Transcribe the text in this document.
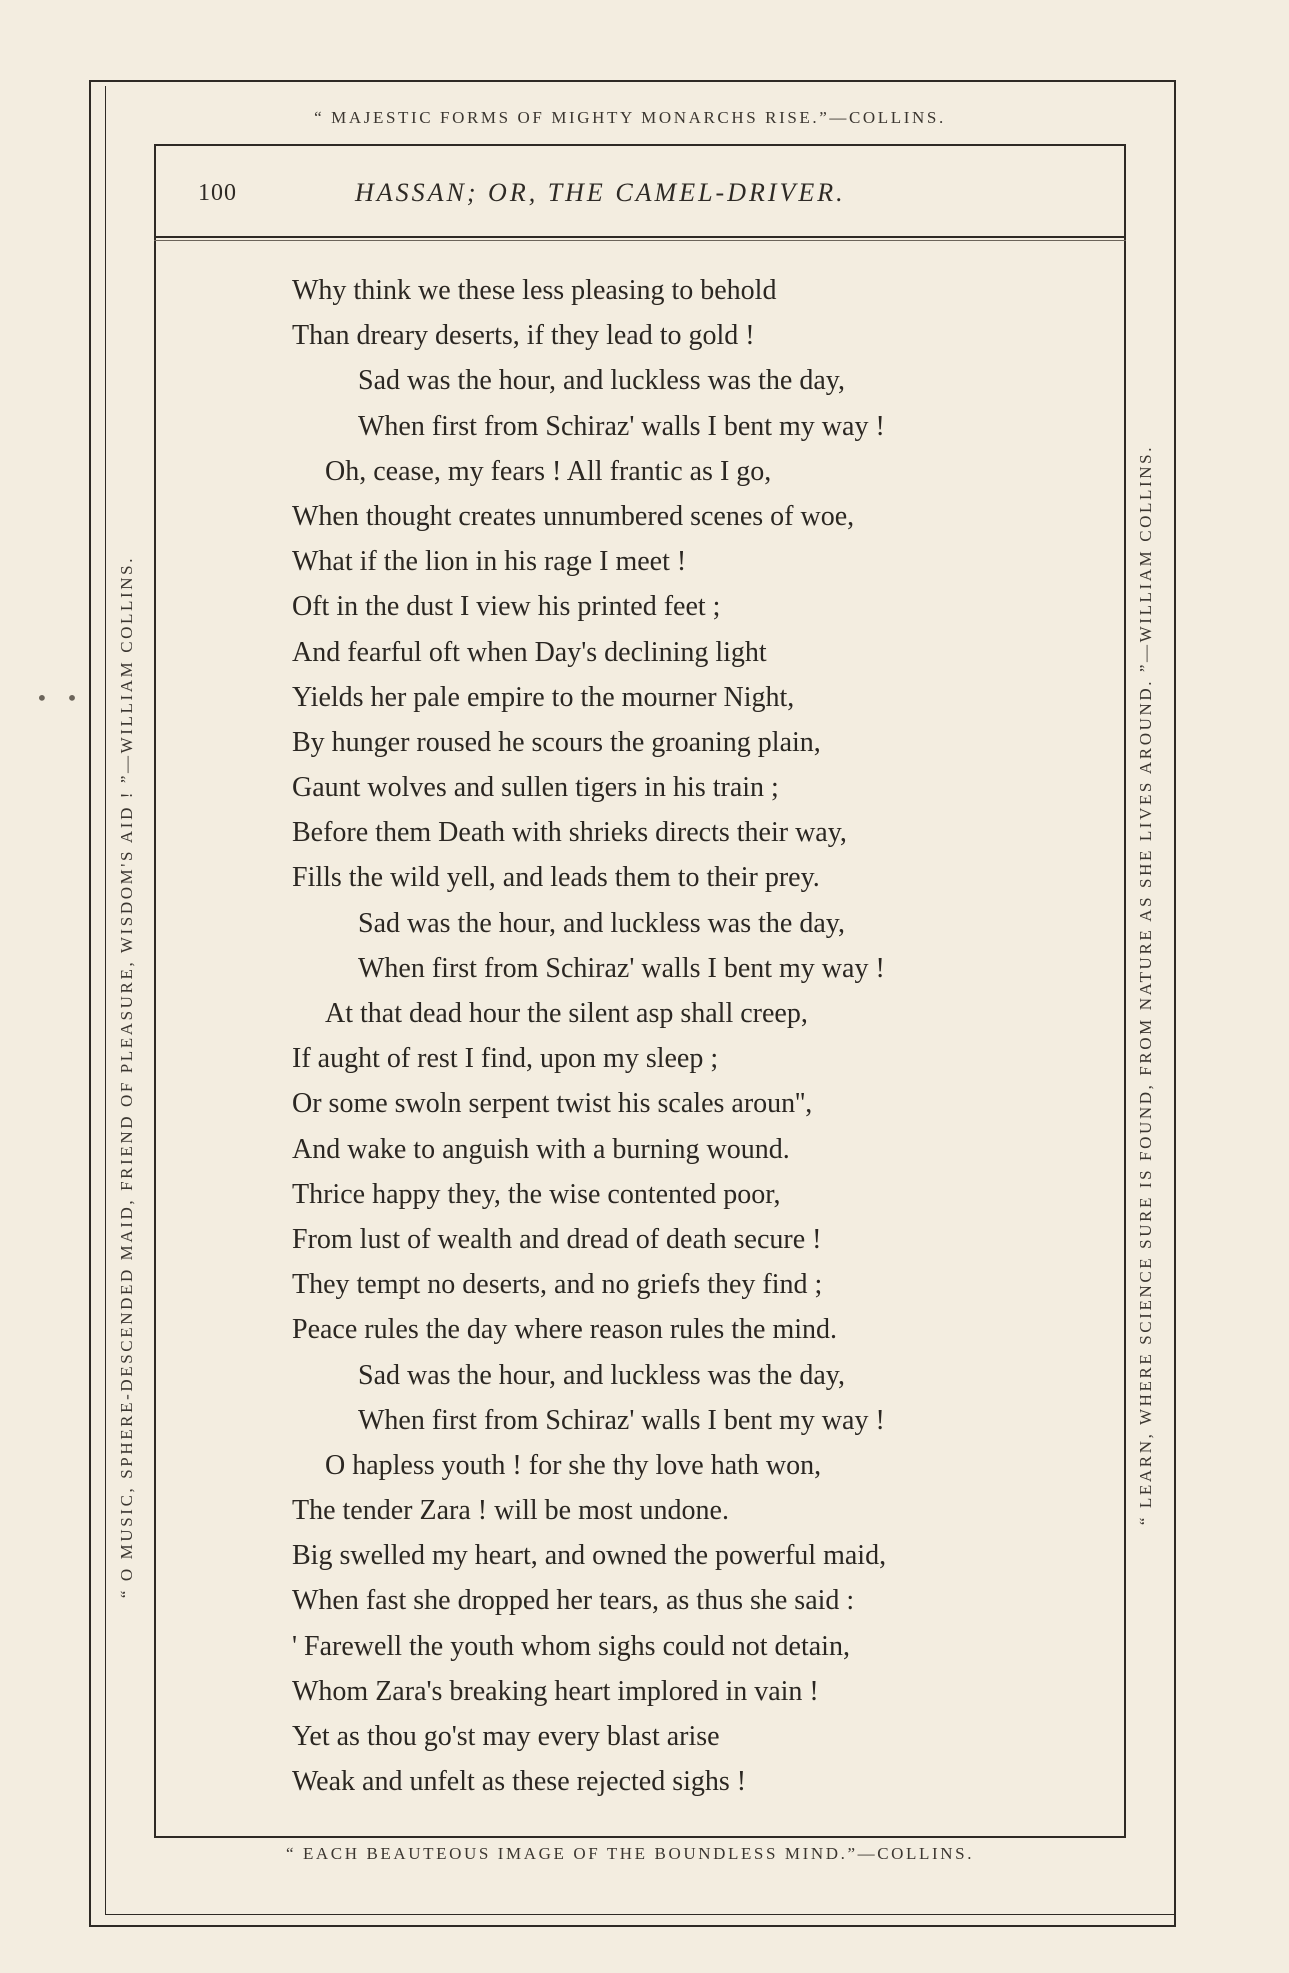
“ MAJESTIC FORMS OF MIGHTY MONARCHS RISE.”—COLLINS.
“ EACH BEAUTEOUS IMAGE OF THE BOUNDLESS MIND.”—COLLINS.
“ O MUSIC, SPHERE-DESCENDED MAID, FRIEND OF PLEASURE, WISDOM'S AID ! ”—WILLIAM COLLINS.	“ LEARN, WHERE SCIENCE SURE IS FOUND, FROM NATURE AS SHE LIVES AROUND. ”—WILLIAM COLLINS.
• •
100	HASSAN; OR, THE CAMEL-DRIVER.
Why think we these less pleasing to behold
Than dreary deserts, if they lead to gold !
Sad was the hour, and luckless was the day,
When first from Schiraz' walls I bent my way !
Oh, cease, my fears ! All frantic as I go,
When thought creates unnumbered scenes of woe,
What if the lion in his rage I meet !
Oft in the dust I view his printed feet ;
And fearful oft when Day's declining light
Yields her pale empire to the mourner Night,
By hunger roused he scours the groaning plain,
Gaunt wolves and sullen tigers in his train ;
Before them Death with shrieks directs their way,
Fills the wild yell, and leads them to their prey.
Sad was the hour, and luckless was the day,
When first from Schiraz' walls I bent my way !
At that dead hour the silent asp shall creep,
If aught of rest I find, upon my sleep ;
Or some swoln serpent twist his scales aroun'',
And wake to anguish with a burning wound.
Thrice happy they, the wise contented poor,
From lust of wealth and dread of death secure !
They tempt no deserts, and no griefs they find ;
Peace rules the day where reason rules the mind.
Sad was the hour, and luckless was the day,
When first from Schiraz' walls I bent my way !
O hapless youth ! for she thy love hath won,
The tender Zara ! will be most undone.
Big swelled my heart, and owned the powerful maid,
When fast she dropped her tears, as thus she said :
' Farewell the youth whom sighs could not detain,
Whom Zara's breaking heart implored in vain !
Yet as thou go'st may every blast arise
Weak and unfelt as these rejected sighs !
